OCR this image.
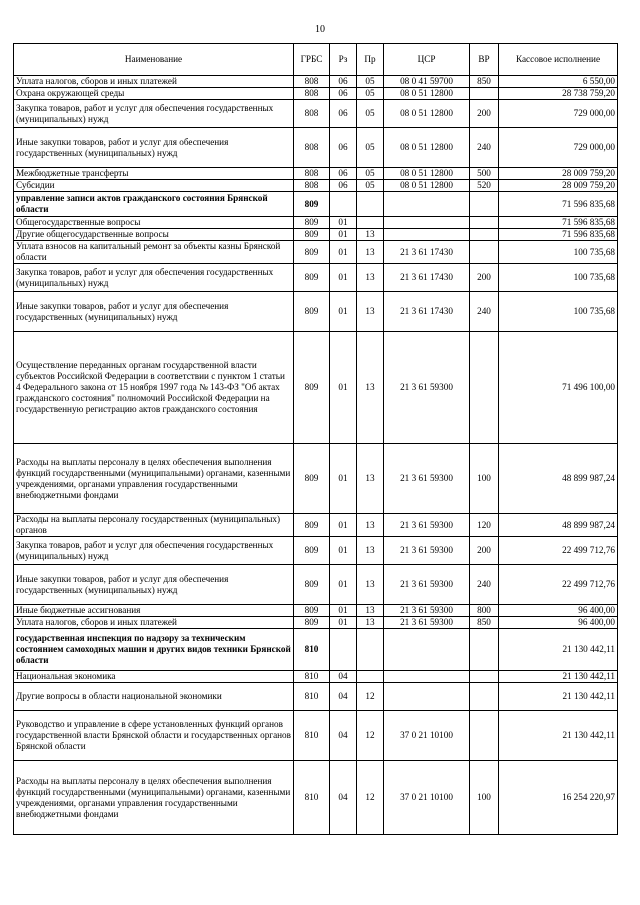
10
Наименование	ГРБС	Рз	Пр	ЦСР	ВР	Кассовое исполнение
Уплата налогов, сборов и иных платежей	808	06	05	08 0 41 59700	850	6 550,00
Охрана окружающей среды	808	06	05	08 0 51 12800		28 738 759,20
Закупка товаров, работ и услуг для обеспечения государственных (муниципальных) нужд	808	06	05	08 0 51 12800	200	729 000,00
Иные закупки товаров, работ и услуг для обеспечения государственных (муниципальных) нужд	808	06	05	08 0 51 12800	240	729 000,00
Межбюджетные трансферты	808	06	05	08 0 51 12800	500	28 009 759,20
Субсидии	808	06	05	08 0 51 12800	520	28 009 759,20
управление записи актов гражданского состояния Брянской области	809					71 596 835,68
Общегосударственные вопросы	809	01				71 596 835,68
Другие общегосударственные вопросы	809	01	13			71 596 835,68
Уплата взносов на капитальный ремонт за объекты казны Брянской области	809	01	13	21 3 61 17430		100 735,68
Закупка товаров, работ и услуг для обеспечения государственных (муниципальных) нужд	809	01	13	21 3 61 17430	200	100 735,68
Иные закупки товаров, работ и услуг для обеспечения государственных (муниципальных) нужд	809	01	13	21 3 61 17430	240	100 735,68
Осуществление переданных органам государственной власти субъектов Российской Федерации в соответствии с пунктом 1 статьи 4 Федерального закона от 15 ноября 1997 года № 143-ФЗ "Об актах гражданского состояния" полномочий Российской Федерации на государственную регистрацию актов гражданского состояния	809	01	13	21 3 61 59300		71 496 100,00
Расходы на выплаты персоналу в целях обеспечения выполнения функций государственными (муниципальными) органами, казенными учреждениями, органами управления государственными внебюджетными фондами	809	01	13	21 3 61 59300	100	48 899 987,24
Расходы на выплаты персоналу государственных (муниципальных) органов	809	01	13	21 3 61 59300	120	48 899 987,24
Закупка товаров, работ и услуг для обеспечения государственных (муниципальных) нужд	809	01	13	21 3 61 59300	200	22 499 712,76
Иные закупки товаров, работ и услуг для обеспечения государственных (муниципальных) нужд	809	01	13	21 3 61 59300	240	22 499 712,76
Иные бюджетные ассигнования	809	01	13	21 3 61 59300	800	96 400,00
Уплата налогов, сборов и иных платежей	809	01	13	21 3 61 59300	850	96 400,00
государственная инспекция по надзору за техническим состоянием самоходных машин и других видов техники Брянской области	810					21 130 442,11
Национальная экономика	810	04				21 130 442,11
Другие вопросы в области национальной экономики	810	04	12			21 130 442,11
Руководство и управление в сфере установленных функций органов государственной власти Брянской области и государственных органов Брянской области	810	04	12	37 0 21 10100		21 130 442,11
Расходы на выплаты персоналу в целях обеспечения выполнения функций государственными (муниципальными) органами, казенными учреждениями, органами управления государственными внебюджетными фондами	810	04	12	37 0 21 10100	100	16 254 220,97
